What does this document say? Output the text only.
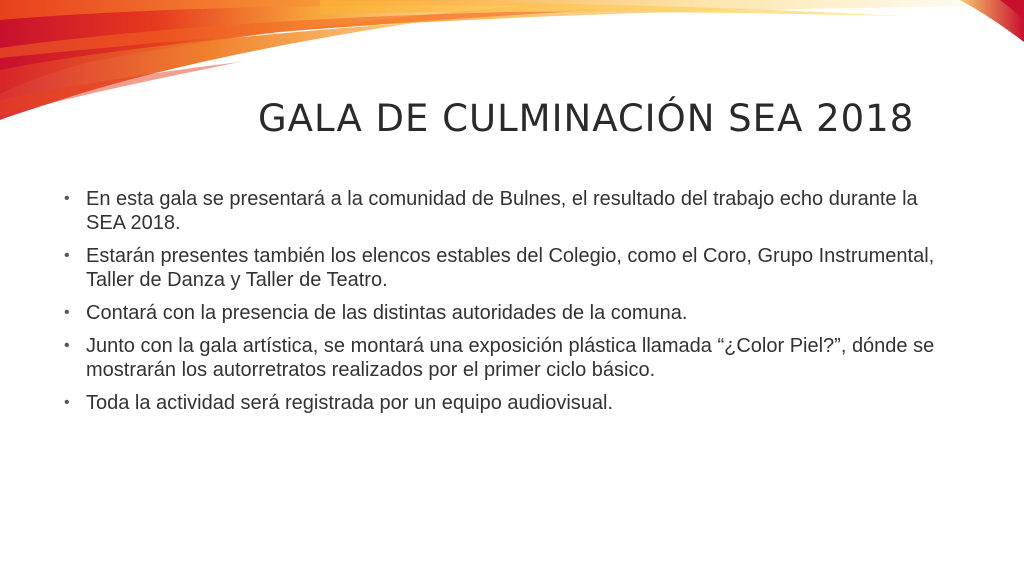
GALA DE CULMINACIÓN SEA 2018
• En esta gala se presentará a la comunidad de Bulnes, el resultado del trabajo echo durante la SEA 2018.
• Estarán presentes también los elencos estables del Colegio, como el Coro, Grupo Instrumental, Taller de Danza y Taller de Teatro.
• Contará con la presencia de las distintas autoridades de la comuna.
• Junto con la gala artística, se montará una exposición plástica llamada “¿Color Piel?”, dónde se mostrarán los autorretratos realizados por el primer ciclo básico.
• Toda la actividad será registrada por un equipo audiovisual.
